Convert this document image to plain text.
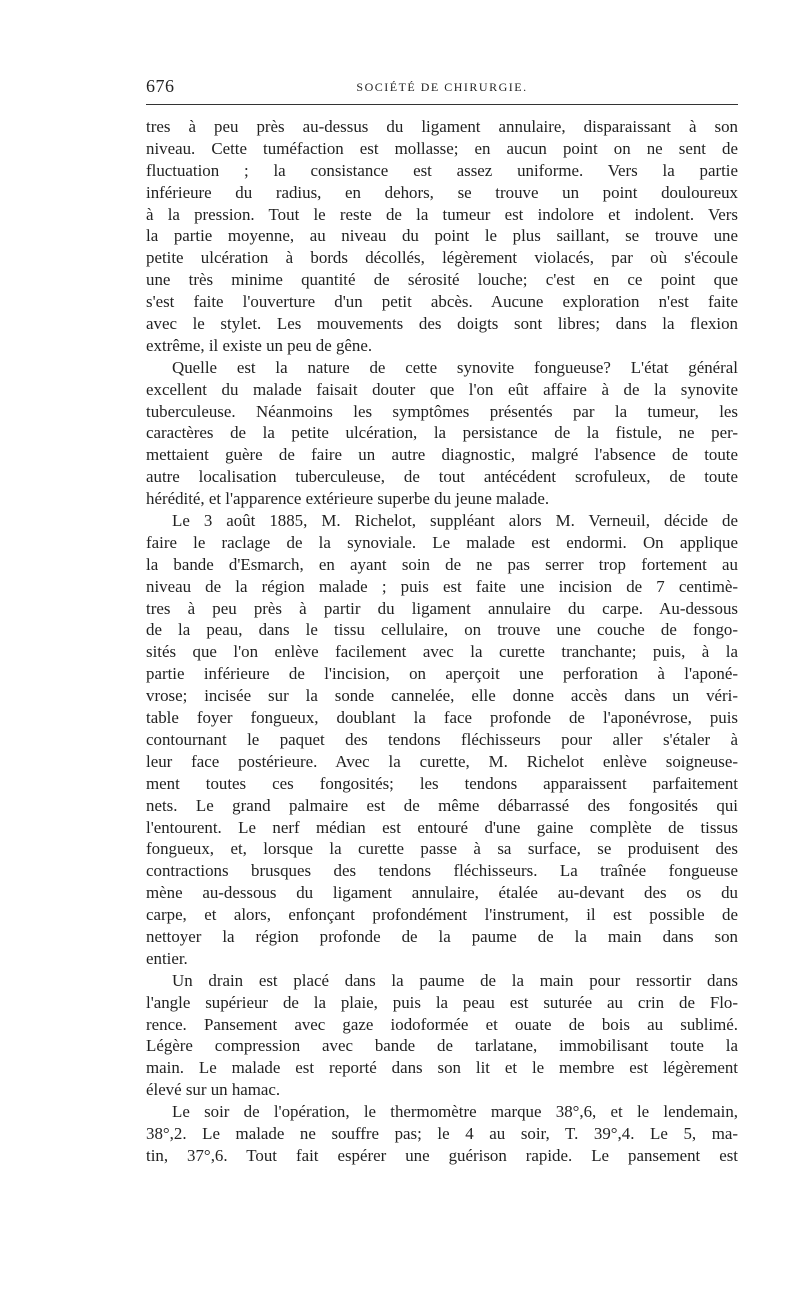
676	SOCIÉTÉ DE CHIRURGIE.
tres à peu près au-dessus du ligament annulaire, disparaissant à son
niveau. Cette tuméfaction est mollasse; en aucun point on ne sent de
fluctuation ; la consistance est assez uniforme. Vers la partie
inférieure du radius, en dehors, se trouve un point douloureux
à la pression. Tout le reste de la tumeur est indolore et indolent. Vers
la partie moyenne, au niveau du point le plus saillant, se trouve une
petite ulcération à bords décollés, légèrement violacés, par où s'écoule
une très minime quantité de sérosité louche; c'est en ce point que
s'est faite l'ouverture d'un petit abcès. Aucune exploration n'est faite
avec le stylet. Les mouvements des doigts sont libres; dans la flexion
extrême, il existe un peu de gêne.
Quelle est la nature de cette synovite fongueuse? L'état général
excellent du malade faisait douter que l'on eût affaire à de la synovite
tuberculeuse. Néanmoins les symptômes présentés par la tumeur, les
caractères de la petite ulcération, la persistance de la fistule, ne per-
mettaient guère de faire un autre diagnostic, malgré l'absence de toute
autre localisation tuberculeuse, de tout antécédent scrofuleux, de toute
hérédité, et l'apparence extérieure superbe du jeune malade.
Le 3 août 1885, M. Richelot, suppléant alors M. Verneuil, décide de
faire le raclage de la synoviale. Le malade est endormi. On applique
la bande d'Esmarch, en ayant soin de ne pas serrer trop fortement au
niveau de la région malade ; puis est faite une incision de 7 centimè-
tres à peu près à partir du ligament annulaire du carpe. Au-dessous
de la peau, dans le tissu cellulaire, on trouve une couche de fongo-
sités que l'on enlève facilement avec la curette tranchante; puis, à la
partie inférieure de l'incision, on aperçoit une perforation à l'aponé-
vrose; incisée sur la sonde cannelée, elle donne accès dans un véri-
table foyer fongueux, doublant la face profonde de l'aponévrose, puis
contournant le paquet des tendons fléchisseurs pour aller s'étaler à
leur face postérieure. Avec la curette, M. Richelot enlève soigneuse-
ment toutes ces fongosités; les tendons apparaissent parfaitement
nets. Le grand palmaire est de même débarrassé des fongosités qui
l'entourent. Le nerf médian est entouré d'une gaine complète de tissus
fongueux, et, lorsque la curette passe à sa surface, se produisent des
contractions brusques des tendons fléchisseurs. La traînée fongueuse
mène au-dessous du ligament annulaire, étalée au-devant des os du
carpe, et alors, enfonçant profondément l'instrument, il est possible de
nettoyer la région profonde de la paume de la main dans son
entier.
Un drain est placé dans la paume de la main pour ressortir dans
l'angle supérieur de la plaie, puis la peau est suturée au crin de Flo-
rence. Pansement avec gaze iodoformée et ouate de bois au sublimé.
Légère compression avec bande de tarlatane, immobilisant toute la
main. Le malade est reporté dans son lit et le membre est légèrement
élevé sur un hamac.
Le soir de l'opération, le thermomètre marque 38°,6, et le lendemain,
38°,2. Le malade ne souffre pas; le 4 au soir, T. 39°,4. Le 5, ma-
tin, 37°,6. Tout fait espérer une guérison rapide. Le pansement est
